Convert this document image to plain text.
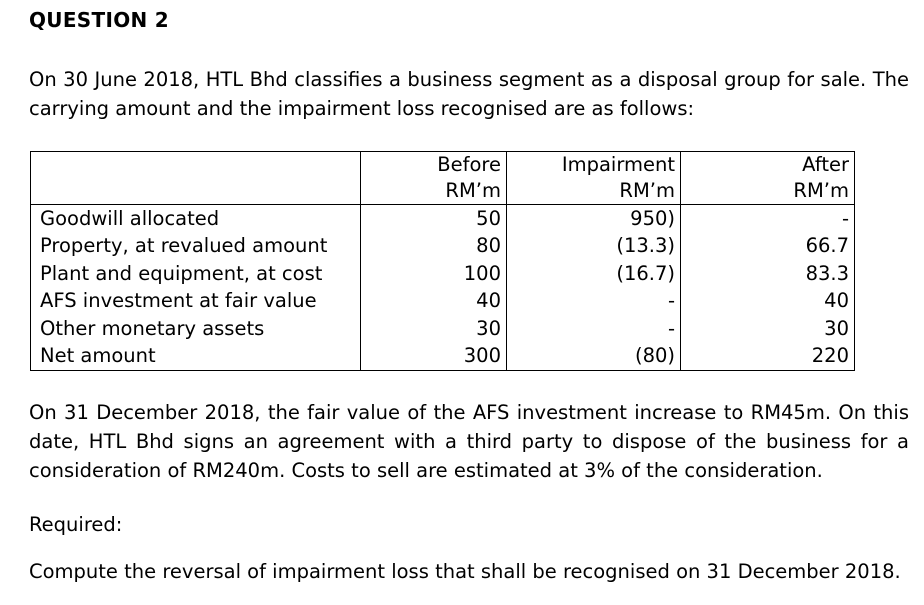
QUESTION 2
On 30 June 2018, HTL Bhd classifies a business segment as a disposal group for sale. The carrying amount and the impairment loss recognised are as follows:
	Before	Impairment	After
	RM’m	RM’m	RM’m
Goodwill allocated	50	950)	-
Property, at revalued amount	80	(13.3)	66.7
Plant and equipment, at cost	100	(16.7)	83.3
AFS investment at fair value	40	-	40
Other monetary assets	30	-	30
Net amount	300	(80)	220
On 31 December 2018, the fair value of the AFS investment increase to RM45m. On this date, HTL Bhd signs an agreement with a third party to dispose of the business for a consideration of RM240m. Costs to sell are estimated at 3% of the consideration.
Required:
Compute the reversal of impairment loss that shall be recognised on 31 December 2018.
